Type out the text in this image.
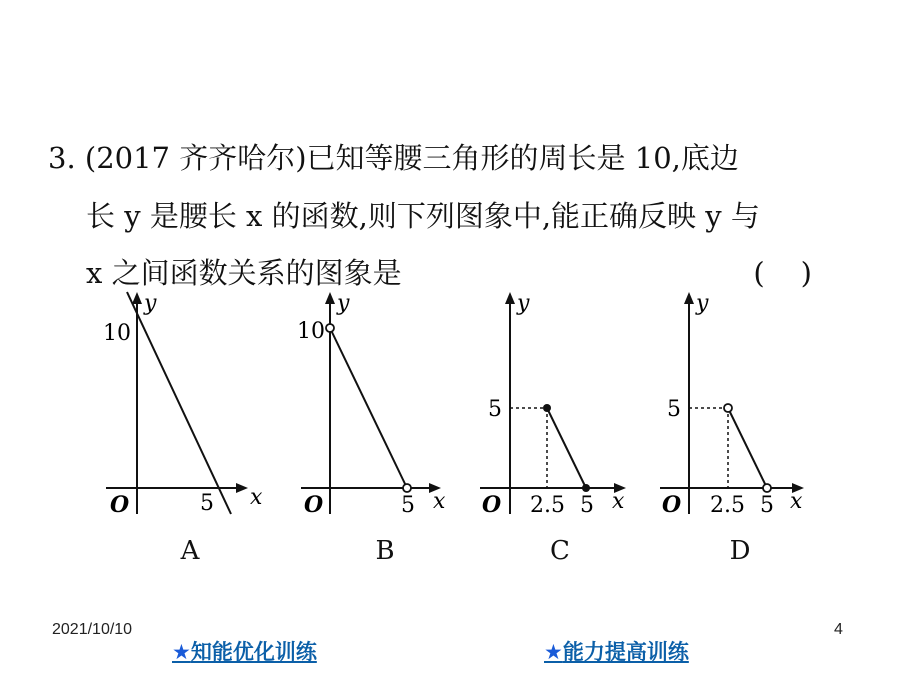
3. (2017 齐齐哈尔)已知等腰三角形的周长是 10,底边
长 y 是腰长 x 的函数,则下列图象中,能正确反映 y 与
x 之间函数关系的图象是	()
y
x
O
10
5
A
y
x
O
10
5
B
y
x
O
5
2.5 5
C
y
x
O
5
2.5 5
D
2021/10/10	4
★知能优化训练	★能力提高训练
